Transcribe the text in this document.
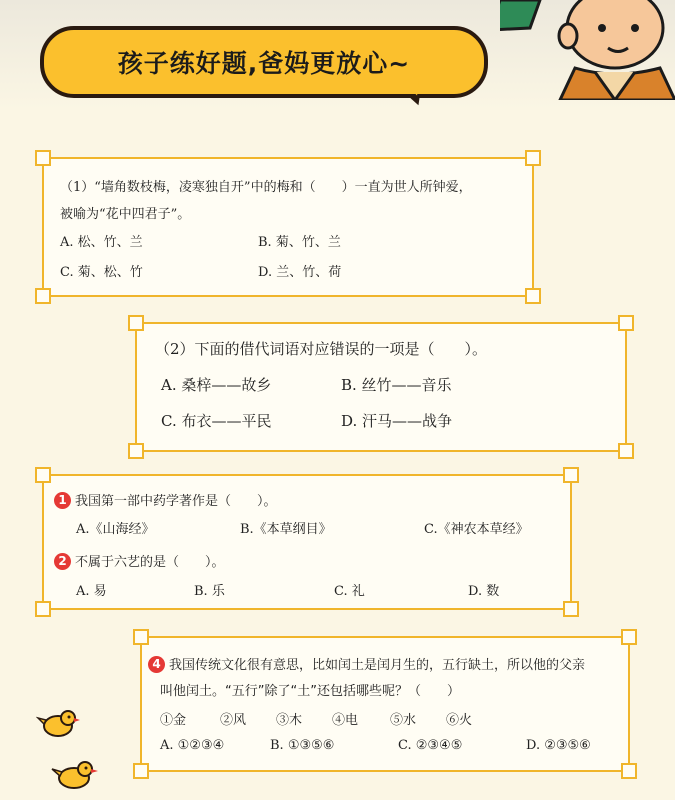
孩子练好题,爸妈更放心~
（1）“墙角数枝梅，凌寒独自开”中的梅和（　　）一直为世人所钟爱，
被喻为“花中四君子”。
A. 松、竹、兰	B. 菊、竹、兰
C. 菊、松、竹	D. 兰、竹、荷
（2）下面的借代词语对应错误的一项是（　　）。
A. 桑梓——故乡	B. 丝竹——音乐
C. 布衣——平民	D. 汗马——战争
1 我国第一部中药学著作是（　　）。
A.《山海经》	B.《本草纲目》	C.《神农本草经》
2 不属于六艺的是（　　）。
A. 易	B. 乐	C. 礼	D. 数
4 我国传统文化很有意思，比如闰土是闰月生的，五行缺土，所以他的父亲
叫他闰土。“五行”除了“土”还包括哪些呢？（　　）
①金	②风 ③木 ④电 ⑤水 ⑥火
A. ①②③④	B. ①③⑤⑥	C. ②③④⑤	D. ②③⑤⑥
